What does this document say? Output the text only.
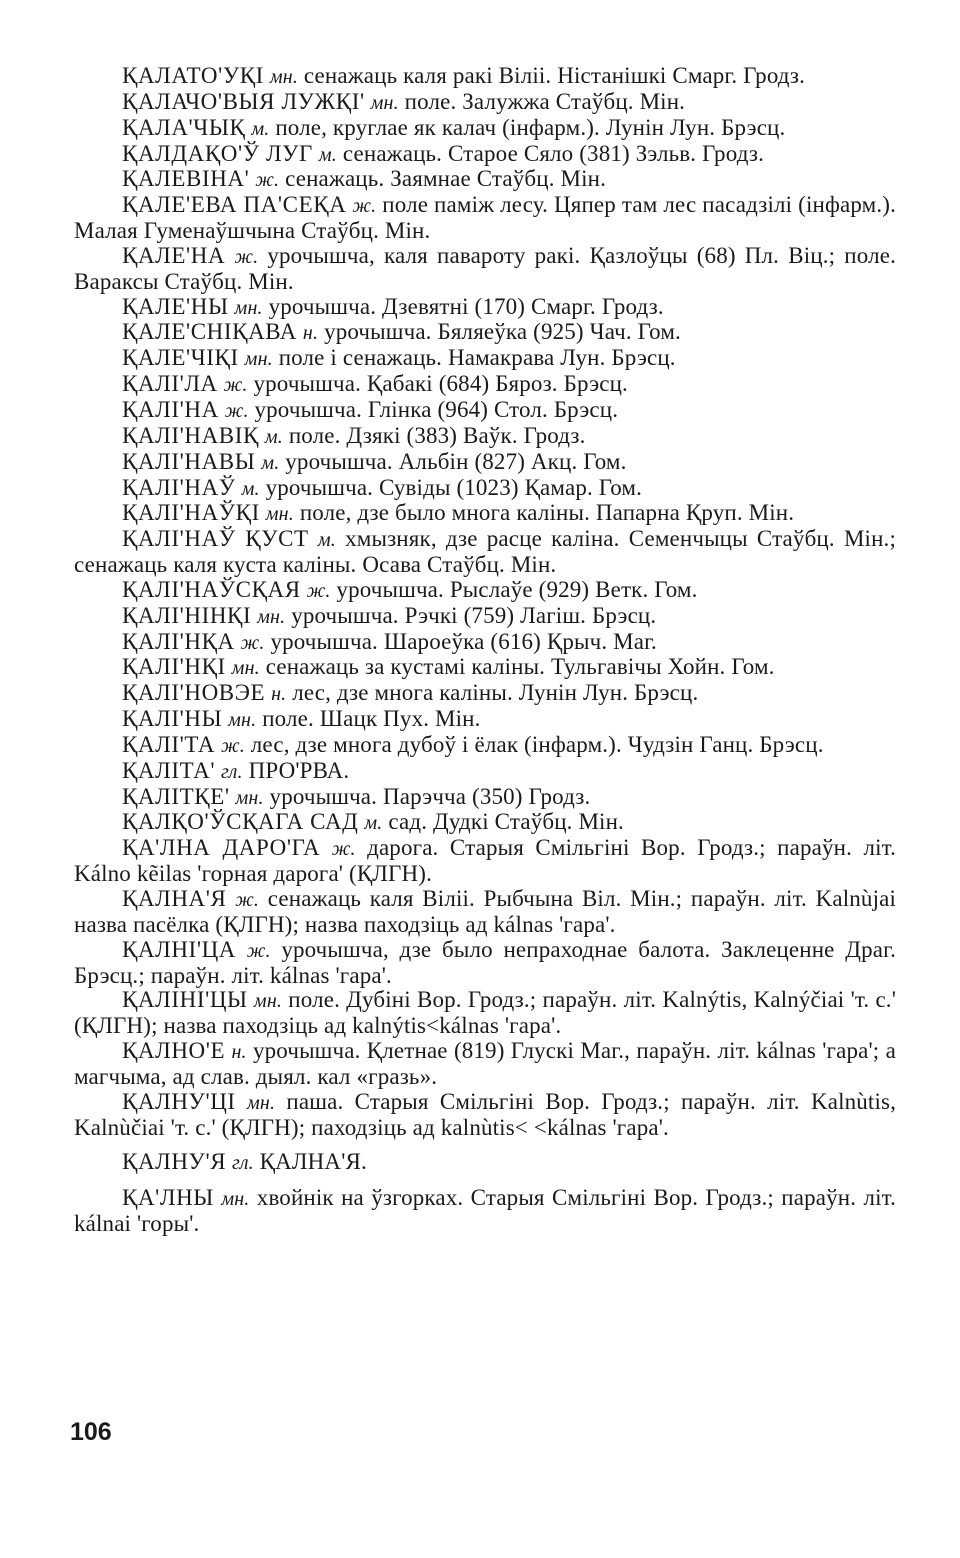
ҚАЛАТО'УҚІ мн. сенажаць каля ракі Віліі. Ністанішкі Смарг. Гродз.

ҚАЛАЧО'ВЫЯ ЛУЖҚІ' мн. поле. Залужжа Стаўбц. Мін.

ҚАЛА'ЧЫҚ м. поле, круглае як калач (інфарм.). Лунін Лун. Брэсц.

ҚАЛДАҚО'Ў ЛУГ м. сенажаць. Старое Сяло (381) Зэльв. Гродз.

ҚАЛЕВІНА' ж. сенажаць. Заямнае Стаўбц. Мін.

ҚАЛЕ'ЕВА ПА'СЕҚА ж. поле паміж лесу. Цяпер там лес пасадзілі (інфарм.). Малая Гуменаўшчына Стаўбц. Мін.

ҚАЛЕ'НА ж. урочышча, каля павароту ракі. Қазлоўцы (68) Пл. Віц.; поле. Вараксы Стаўбц. Мін.

ҚАЛЕ'НЫ мн. урочышча. Дзевятні (170) Смарг. Гродз.

ҚАЛЕ'СНІҚАВА н. урочышча. Бяляеўка (925) Чач. Гом.

ҚАЛЕ'ЧІҚІ мн. поле і сенажаць. Намакрава Лун. Брэсц.

ҚАЛІ'ЛА ж. урочышча. Қабакі (684) Бяроз. Брэсц.

ҚАЛІ'НА ж. урочышча. Глінка (964) Стол. Брэсц.

ҚАЛІ'НАВІҚ м. поле. Дзякі (383) Ваўк. Гродз.

ҚАЛІ'НАВЫ м. урочышча. Альбін (827) Акц. Гом.

ҚАЛІ'НАЎ м. урочышча. Сувіды (1023) Қамар. Гом.

ҚАЛІ'НАЎҚІ мн. поле, дзе было многа каліны. Папарна Қруп. Мін.

ҚАЛІ'НАЎ ҚУСТ м. хмызняк, дзе расце каліна. Семенчыцы Стаўбц. Мін.; сенажаць каля куста каліны. Осава Стаўбц. Мін.

ҚАЛІ'НАЎСҚАЯ ж. урочышча. Рыслаўе (929) Ветк. Гом.

ҚАЛІ'НІНҚІ мн. урочышча. Рэчкі (759) Лагіш. Брэсц.

ҚАЛІ'НҚА ж. урочышча. Шароеўка (616) Қрыч. Маг.

ҚАЛІ'НҚІ мн. сенажаць за кустамі каліны. Тульгавічы Хойн. Гом.

ҚАЛІ'НОВЭЕ н. лес, дзе многа каліны. Лунін Лун. Брэсц.

ҚАЛІ'НЫ мн. поле. Шацк Пух. Мін.

ҚАЛІ'ТА ж. лес, дзе многа дубоў і ёлак (інфарм.). Чудзін Ганц. Брэсц.

ҚАЛІТА' гл. ПРО'РВА.

ҚАЛІТҚЕ' мн. урочышча. Парэчча (350) Гродз.

ҚАЛҚО'ЎСҚАГА САД м. сад. Дудкі Стаўбц. Мін.

ҚА'ЛНА ДАРО'ГА ж. дарога. Старыя Смільгіні Вор. Гродз.; параўн. літ. Kálno kẽilas 'горная дарога' (ҚЛГН).

ҚАЛНА'Я ж. сенажаць каля Віліі. Рыбчына Віл. Мін.; параўн. літ. Kalnùjai назва пасёлка (ҚЛГН); назва паходзіць ад kálnas 'гара'.

ҚАЛНІ'ЦА ж. урочышча, дзе было непраходнае балота. Заклеценне Драг. Брэсц.; параўн. літ. kálnas 'гара'.

ҚАЛІНІ'ЦЫ мн. поле. Дубіні Вор. Гродз.; параўн. літ. Kalnýtis, Kalnýčiai 'т. с.' (ҚЛГН); назва паходзіць ад kalnýtis<kálnas 'гара'.

ҚАЛНО'Е н. урочышча. Қлетнае (819) Глускі Маг., параўн. літ. kálnas 'гара'; а магчыма, ад слав. дыял. кал «гразь».

ҚАЛНУ'ЦІ мн. паша. Старыя Смільгіні Вор. Гродз.; параўн. літ. Kalnùtis, Kalnùčiai 'т. с.' (ҚЛГН); паходзіць ад kalnùtis< <kálnas 'гара'.

ҚАЛНУ'Я гл. ҚАЛНА'Я.

ҚА'ЛНЫ мн. хвойнік на ўзгорках. Старыя Смільгіні Вор. Гродз.; параўн. літ. kálnai 'горы'.

106
